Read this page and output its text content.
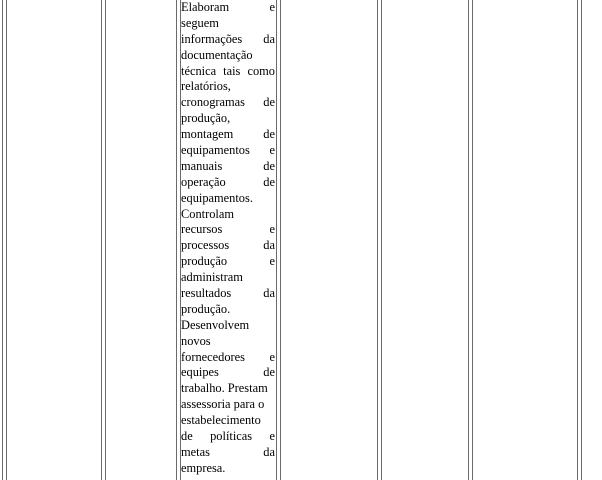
Elaboram e
seguem
informações da
documentação
técnica tais como
relatórios,
cronogramas de
produção,
montagem de
equipamentos e
manuais de
operação de
equipamentos.
Controlam
recursos e
processos da
produção e
administram
resultados da
produção.
Desenvolvem
novos
fornecedores e
equipes de
trabalho. Prestam
assessoria para o
estabelecimento
de políticas e
metas da
empresa.
